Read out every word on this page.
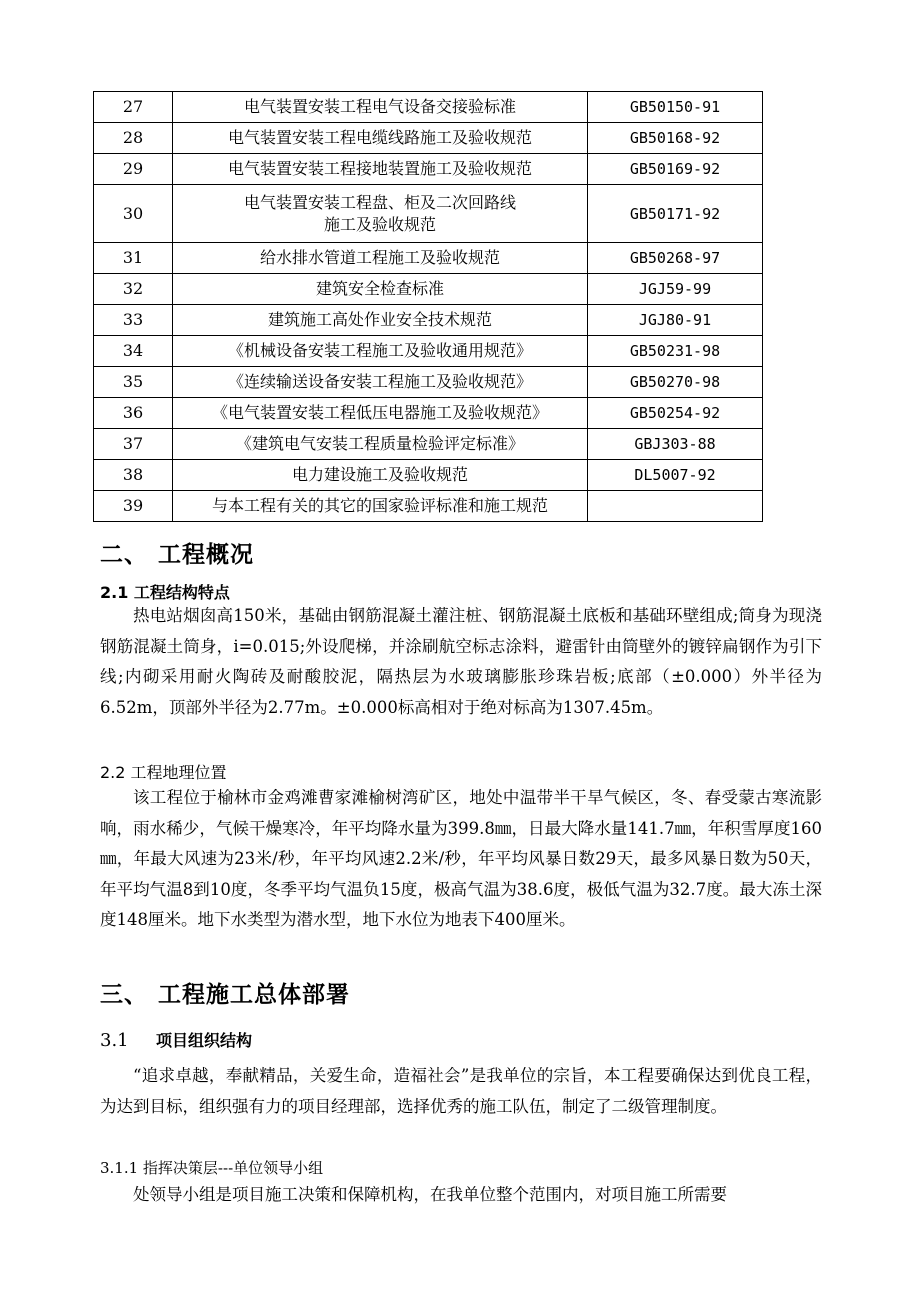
27	电气装置安装工程电气设备交接验标准	GB50150-91
28	电气装置安装工程电缆线路施工及验收规范	GB50168-92
29	电气装置安装工程接地装置施工及验收规范	GB50169-92
30	电气装置安装工程盘、柜及二次回路线
施工及验收规范	GB50171-92
31	给水排水管道工程施工及验收规范	GB50268-97
32	建筑安全检查标准	JGJ59-99
33	建筑施工高处作业安全技术规范	JGJ80-91
34	《机械设备安装工程施工及验收通用规范》	GB50231-98
35	《连续输送设备安装工程施工及验收规范》	GB50270-98
36	《电气装置安装工程低压电器施工及验收规范》	GB50254-92
37	《建筑电气安装工程质量检验评定标准》	GBJ303-88
38	电力建设施工及验收规范	DL5007-92
39	与本工程有关的其它的国家验评标准和施工规范	

二、 工程概况
2.1 工程结构特点

热电站烟囱高150米，基础由钢筋混凝土灌注桩、钢筋混凝土底板和基础环壁组成;筒身为现浇钢筋混凝土筒身，i=0.015;外设爬梯，并涂刷航空标志涂料，避雷针由筒壁外的镀锌扁钢作为引下线;内砌采用耐火陶砖及耐酸胶泥，隔热层为水玻璃膨胀珍珠岩板;底部（±0.000）外半径为6.52m，顶部外半径为2.77m。±0.000标高相对于绝对标高为1307.45m。

2.2 工程地理位置

该工程位于榆林市金鸡滩曹家滩榆树湾矿区，地处中温带半干旱气候区，冬、春受蒙古寒流影响，雨水稀少，气候干燥寒冷，年平均降水量为399.8㎜，日最大降水量141.7㎜，年积雪厚度160㎜，年最大风速为23米/秒，年平均风速2.2米/秒，年平均风暴日数29天，最多风暴日数为50天，年平均气温8到10度，冬季平均气温负15度，极高气温为38.6度，极低气温为32.7度。最大冻土深度148厘米。地下水类型为潜水型，地下水位为地表下400厘米。

三、 工程施工总体部署
3.1 项目组织结构

“追求卓越，奉献精品，关爱生命，造福社会”是我单位的宗旨，本工程要确保达到优良工程，为达到目标，组织强有力的项目经理部，选择优秀的施工队伍，制定了二级管理制度。

3.1.1 指挥决策层---单位领导小组

处领导小组是项目施工决策和保障机构，在我单位整个范围内，对项目施工所需要
